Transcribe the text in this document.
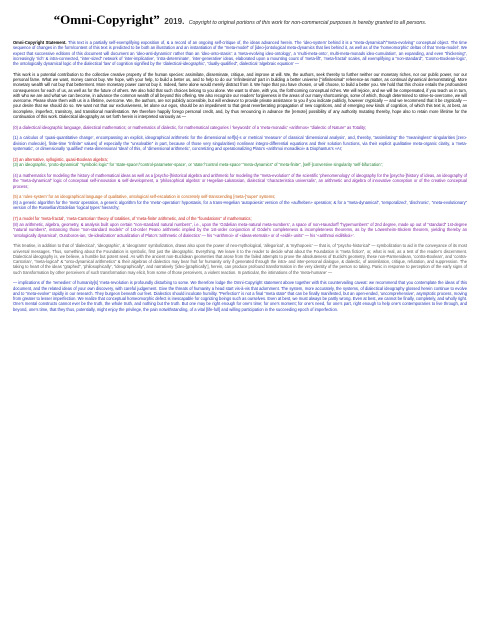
“Omni-Copyright” 2019. Copyright to original portions of this work for non-commercial purposes is hereby granted to all persons.

Omni-Copyright Statement. This text is a partially self-exemplifying exposition of, & a record of an ongoing self-critique of, the ideas advanced herein. The ‘ideo-system’ behind it is a “meta-dynamical”/“meta-evolving” conceptual object. The time sequence of changes in the form/content of this text is predicted to be both an illustration and an instantiation of the “meta-model” of [ideo-]ontological meta-dynamics that lies behind it, as well as of the ‘homeomorphic’ deltas of that ‘meta-model’. We expect that successive editions of this document will document an ‘ideo-anti-dynamics’ rather than an ‘ideo-onto-stasis’: a ‘meta-evolving ideo-ontology’, a ‘multi-meta-onto’, multi-meta-monads ideo-cumulation’, an expanding, and even “thickening”, increasingly ‘rich’ & intra-connected, “inter-sized” network of ‘inter-implicative’, ‘intra-determinate’, ‘inter-generative’ ideas, elaborated upon a mounting count of ‘meta-lift’, ‘meta-fractal’ scales, all exemplifying a “non-standard”, ‘Cosmo-Boolean-logic’, the ontologically dynamical logic of the dialectical ‘law’ of cognition signified by the ‘dialectical-ideographic’, “dually-qualified”, dialectical ‘algebraic equation’ —

This work is a potential contribution to the collective creative property of the human species: assimilate, disseminate, critique, and improve at will. We, the authors, seek thereby to further neither our monetary riches, nor our public power, nor our personal fame. What we want, money cannot buy. We hope, with your help, to build a better us, and to help to do our ‘infinitesimal’ part in building a better universe [“infinitesimal” reference-as matter, as continual dynamical demonstrating]. More monetary wealth will not buy that betterment. More monetary power cannot buy it. Indeed, fame alone would merely distract from it. We hope that you have chosen, or will choose, to build a better you. We hold that this choice entails the profoundest consequences for each of us, as well as for the future of others. We also hold that such choices belong to you alone. We want to share, with you, the forthcoming conceptual riches. We will rejoice, and we will be compensated, if you teach us in turn, with who we are and what we can become, in advance the common wealth of all beyond this offering. We also recognize our readers’ forgiveness in the areas of our many shortcomings, some of which, though determined to strive-to-overcome, we will overcome. Please share them with us in a lifetime, overcome. We, the authors, are not publicly accessible, but will endeavor to provide private assistance to you if you indicate publicly, however cryptically — and we recommend that it be cryptically — your desire that we should do so. We want not that our exclusiveness, let alone our egos, should be an impediment to that great reverberating propagation of new cognitions, and of emerging new kinds of cognition, of which this text is, at best, an incomplete, imperfect, transitory, and transitional manifestation. We therefore happily forego personal credit, and, by thus renouncing in advance the [remote] possibility of any authority mutating thereby, hope also to retain more lifetime for the continuation of this work. Dialectical ideography as set forth herein is interpreted variously as —

(0) a dialectical ideographic language, dialectical mathematics; or mathematics of dialectic, for mathematical categories / ‘keywords’ of a ‘meta-monadic’ «arithmos» “dialectic of Nature” as Totality;

(1) a calculus of ‘quasi-quantitative change’, encompassing an explicit, ideographical arithmetic for the dimensional self[s]-s or metrical ‘measure’ of classical ‘dimensional analysis’, and, thereby, “assimilating” the “meaningless” singularities [zero-division molecule], finite-time “infinite” values] of especially the “unsolvable” in part, because of those very singularities) nonlinear integro-differential equations and their solution functions, via their explicit qualitative meta-organic clarity, a ‘meta-systematic’, or dimensionally ‘qualified’ meta-dimensional ‘Ideal’ of this, of ‘dimensional arithmetic’, concretizing and operationalizing Plato’s «arithmoi monadikoi» & Diophantus’s «Ar;

(2) an alternative, syllogistic, quasi-Boolean algebra;

(3) an ideographic, ‘proto-dynamical’ “symbolic logic” for ‘state-space’/‘control-parameter-space’, or ‘state’/‘control meta-space’ “meta-dynamics” of “meta-finite”, [self-]conversive singularity ‘self-bifurcation’;

(4) a mathematics for modeling the history of mathematical ideas as well as a [psycho-]historical algebra and arithmetic for modeling the “meta-evolution” of the scientific ‘phenomenology’ of ideography for the [psycho-]history of ideas, an ideography of the “meta-dynamical” logic of conceptual self-innovation & self-development, a ‘philosophical algebra’ or Hegelian-Lakatosian, dialectical ‘characteristica universalis’, an arithmetic and algebra of innovative conception or of the creative conceptual process;

(5) a ‘rules-system’ for an ideographical language of qualitative, ontological self-escalation in concretely self-transcending [meta-]‘super’ systems;

(6) a generic algorithm for the ‘meta’ operation, a generic algorithm for the ‘meta’-operation’ hypostasis, for a trans-Hegelian ‘autopoiesis’ version of the «aufheben» operation; & for a “meta-dynamical”, ‘temporalized’, ‘dischronic’, “meta-evolutionary” version of the Russellian/Gödelian ‘logical types’ hierarchy;

(7) a model for ‘meta-fractal’, ‘meta-Cantorian’ theory of totalities, of ‘meta-finite’ arithmetic, and of the “foundations” of mathematics;

(8) an arithmetic, algebra, geometry, & analysis built upon certain “non-standard natural numbers”, i.e., upon the ‘Gödelian meta-natural meta-numbers’, a space of non-Hausdorff “hypernumbers” of 2nd degree, made up out of “standard” 1st-degree “natural numbers”, instancing those “non-standard models” of 1st-order Peano arithmetic implied by the 1st-order conjunction of Gödel’s completeness & incompleteness theorems, as by the Löwenheim-Skolem theorem, yielding thereby an ‘ontologically dynamical’, Ouroboros-ian, ‘de-idealization’ actualization of Plato’s ‘arithmetic of dialectics’ — his “«arithmoi» of «ideas-eternals» or of «eidê» units” — his ‘«arithmoi eidêtikoi»’.

This treatise, in addition to that of ‘dialectical’, ‘ideographic’, & ‘ideograms’ symbolization, draws also upon the power of neo-mythological, ‘allegorical’, & ‘mythopoeic’ — that is, of “psycho-historical” — symbolization to aid in the conveyance of its most universal messages. Thus, something about the Foundation is symbolic, first just the ideographic. Everything. We leave it to the reader to decide what about the Foundation is “meta fiction”, or, what is real, as a test of the reader’s discernment. Dialectical ideography is, we believe, a humble but potent seed. As with the ancient non-Euclidean geometries that arose from the failed attempts to prove the absoluteness of Euclid’s geometry, these non-Parmenidean, ‘contra-Boolean’, and ‘contra-Cantorian’, “meta-logical” & “onto-dynamical arithmetics” & their algebras of dialectics may bear fruit for humanity only if generated through the intra- and inter-personal dialogue, & dialectic, of assimilation, critique, refutation, and suppression. The taking to heart of the ideas “graphed”, ‘philosophically’, “ideographically”, and narratively ‘[ideo-]graphically’], herein, can produce profound transformation in the very identity of the person so taking. Panic in response to perception of the early signs of such transformation by other perceivers of such transformation may elicit, from some of those perceivers, a violent reaction. In particular, the intimations of the ‘meta-humane’ —

— implications of the ‘remedies’ of humanity[s] ‘meta-revolution is profoundly disturbing to some. We therefore lodge the Omni-Copyright statement above together with this countervailing caveat: we recommend that you contemplate the ideas of this document, and the related ideas of your own discovery, with careful judgement. Give the threats of humanity a head start vis-à-vis that adornment. The system, more accurately, the systems, of dialectical ideography glossed herein continue to evolve and to “meta-evolve” rapidly in our research. They burgeon beneath our feet. Dialectics should inculcate humility. “Perfection” is not a final “meta state” that can be finally manifested, but an open-ended, ‘uncomprehensive’, asymptotic process, moving from greater to lesser imperfection. We realize that conceptual homeomorphic defect is inescapable for cognizing beings such as ourselves. Even at best, we must always be partly wrong. Even at best, we cannot be finally, completely, and wholly right. One’s mental constructs cannot ever be the truth, the whole truth, and nothing but the truth. But one may be right enough for one’s time; for one’s moment; for one’s need, for one’s part, right enough to help one’s contemporaries to live through, and beyond, one’s time, that they thus, potentially, might enjoy the privilege, the pain notwithstanding, of a vital [life-full] and willing participation in the succeeding epoch of imperfection.
